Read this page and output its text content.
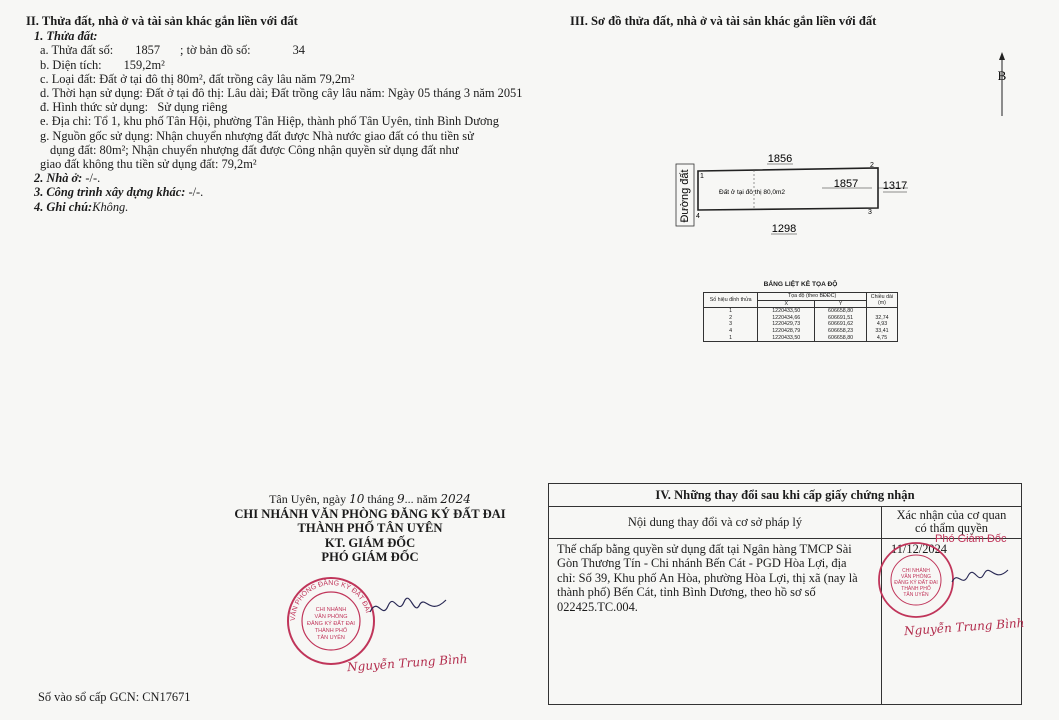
II. Thửa đất, nhà ở và tài sản khác gắn liền với đất
1. Thửa đất:
a. Thửa đất số: 1857 ; tờ bản đồ số:	34
b. Diện tích: 159,2m²
c. Loại đất: Đất ở tại đô thị 80m², đất trồng cây lâu năm 79,2m²
d. Thời hạn sử dụng: Đất ở tại đô thị: Lâu dài; Đất trồng cây lâu năm: Ngày 05 tháng 3 năm 2051
đ. Hình thức sử dụng: Sử dụng riêng
e. Địa chỉ: Tổ 1, khu phố Tân Hội, phường Tân Hiệp, thành phố Tân Uyên, tỉnh Bình Dương
g. Nguồn gốc sử dụng: Nhận chuyển nhượng đất được Nhà nước giao đất có thu tiền sử
dụng đất: 80m²; Nhận chuyển nhượng đất được Công nhận quyền sử dụng đất như
giao đất không thu tiền sử dụng đất: 79,2m²
2. Nhà ở: -/-.
3. Công trình xây dựng khác: -/-.
4. Ghi chú:Không.
III. Sơ đồ thửa đất, nhà ở và tài sản khác gắn liền với đất
B
Đường đất	Đất ở tại đô thị 80,0m2
1857
1856
1298
1317
1
2
3
4
BẢNG LIỆT KÊ TỌA ĐỘ
Số hiệu đỉnh thửa	Tọa độ (theo BĐĐC)		Chiều dài (m)
	X	Y	
1	1220433,50	606658,80	
2	1220434,66	606691,51	32,74
3	1220429,73	606691,62	4,93
4	1220428,79	606658,23	33,41
1	1220433,50	606658,80	4,75
Tân Uyên, ngày 10 tháng 9... năm 2024
CHI NHÁNH VĂN PHÒNG ĐĂNG KÝ ĐẤT ĐAI
THÀNH PHỐ TÂN UYÊN
KT. GIÁM ĐỐC
PHÓ GIÁM ĐỐC
VĂN PHÒNG ĐĂNG KÝ ĐẤT ĐAI
CHI NHÁNH
VĂN PHÒNG
ĐĂNG KÝ ĐẤT ĐAI
THÀNH PHỐ
TÂN UYÊN
Nguyễn Trung Bình
Số vào sổ cấp GCN: CN17671
IV. Những thay đổi sau khi cấp giấy chứng nhận
Nội dung thay đổi và cơ sở pháp lý	Xác nhận của cơ quan
có thẩm quyền
Thế chấp bằng quyền sử dụng đất tại Ngân hàng TMCP Sài
Gòn Thương Tín - Chi nhánh Bến Cát - PGD Hòa Lợi, địa
chỉ: Số 39, Khu phố An Hòa, phường Hòa Lợi, thị xã (nay là
thành phố) Bến Cát, tỉnh Bình Dương, theo hồ sơ số
022425.TC.004.
11/12/2024
Phó Giám Đốc
CHI NHÁNH
VĂN PHÒNG
ĐĂNG KÝ ĐẤT ĐAI
THÀNH PHỐ
TÂN UYÊN
Nguyễn Trung Bình
